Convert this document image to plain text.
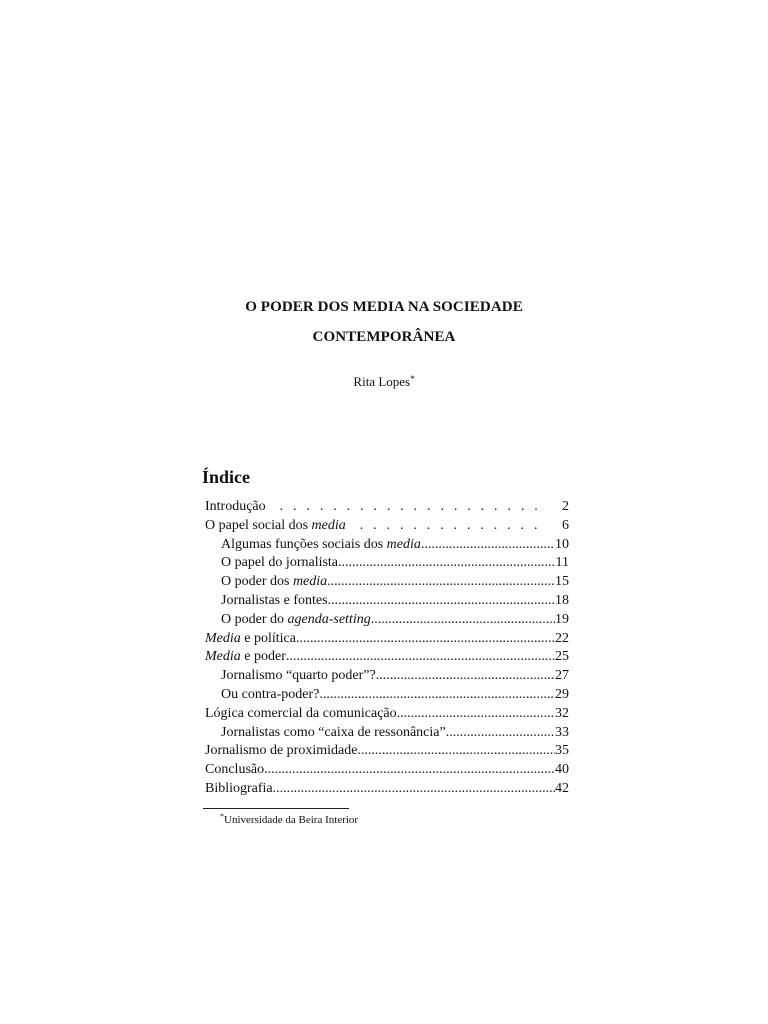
O PODER DOS MEDIA NA SOCIEDADE
CONTEMPORÂNEA
Rita Lopes*
Índice
Introdução . . .	2
O papel social dos media . . .	6
Algumas funções sociais dos media .....	10
O papel do jornalista .....	11
O poder dos media .....	15
Jornalistas e fontes .....	18
O poder do agenda-setting .....	19
Media e política .....	22
Media e poder .....	25
Jornalismo “quarto poder”? .....	27
Ou contra-poder? .....	29
Lógica comercial da comunicação .....	32
Jornalistas como “caixa de ressonância” .....	33
Jornalismo de proximidade .....	35
Conclusão .....	40
Bibliografia .....	42
*Universidade da Beira Interior
